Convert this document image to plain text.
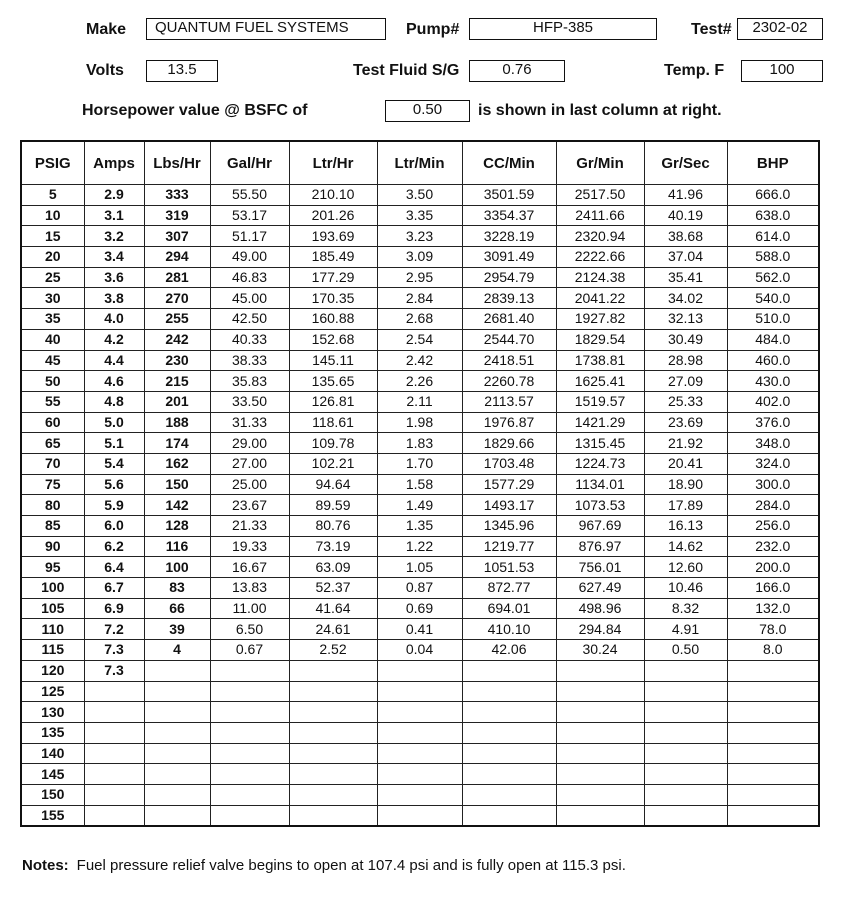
Make	QUANTUM FUEL SYSTEMS	Pump#	HFP-385	Test#	2302-02
Volts	13.5	Test Fluid S/G	0.76	Temp. F	100
Horsepower value @ BSFC of	0.50	is shown in last column at right.
PSIG	Amps	Lbs/Hr	Gal/Hr	Ltr/Hr	Ltr/Min	CC/Min	Gr/Min	Gr/Sec	BHP
5	2.9	333	55.50	210.10	3.50	3501.59	2517.50	41.96	666.0
10	3.1	319	53.17	201.26	3.35	3354.37	2411.66	40.19	638.0
15	3.2	307	51.17	193.69	3.23	3228.19	2320.94	38.68	614.0
20	3.4	294	49.00	185.49	3.09	3091.49	2222.66	37.04	588.0
25	3.6	281	46.83	177.29	2.95	2954.79	2124.38	35.41	562.0
30	3.8	270	45.00	170.35	2.84	2839.13	2041.22	34.02	540.0
35	4.0	255	42.50	160.88	2.68	2681.40	1927.82	32.13	510.0
40	4.2	242	40.33	152.68	2.54	2544.70	1829.54	30.49	484.0
45	4.4	230	38.33	145.11	2.42	2418.51	1738.81	28.98	460.0
50	4.6	215	35.83	135.65	2.26	2260.78	1625.41	27.09	430.0
55	4.8	201	33.50	126.81	2.11	2113.57	1519.57	25.33	402.0
60	5.0	188	31.33	118.61	1.98	1976.87	1421.29	23.69	376.0
65	5.1	174	29.00	109.78	1.83	1829.66	1315.45	21.92	348.0
70	5.4	162	27.00	102.21	1.70	1703.48	1224.73	20.41	324.0
75	5.6	150	25.00	94.64	1.58	1577.29	1134.01	18.90	300.0
80	5.9	142	23.67	89.59	1.49	1493.17	1073.53	17.89	284.0
85	6.0	128	21.33	80.76	1.35	1345.96	967.69	16.13	256.0
90	6.2	116	19.33	73.19	1.22	1219.77	876.97	14.62	232.0
95	6.4	100	16.67	63.09	1.05	1051.53	756.01	12.60	200.0
100	6.7	83	13.83	52.37	0.87	872.77	627.49	10.46	166.0
105	6.9	66	11.00	41.64	0.69	694.01	498.96	8.32	132.0
110	7.2	39	6.50	24.61	0.41	410.10	294.84	4.91	78.0
115	7.3	4	0.67	2.52	0.04	42.06	30.24	0.50	8.0
120	7.3								
125									
130									
135									
140									
145									
150									
155									
Notes: Fuel pressure relief valve begins to open at 107.4 psi and is fully open at 115.3 psi.
